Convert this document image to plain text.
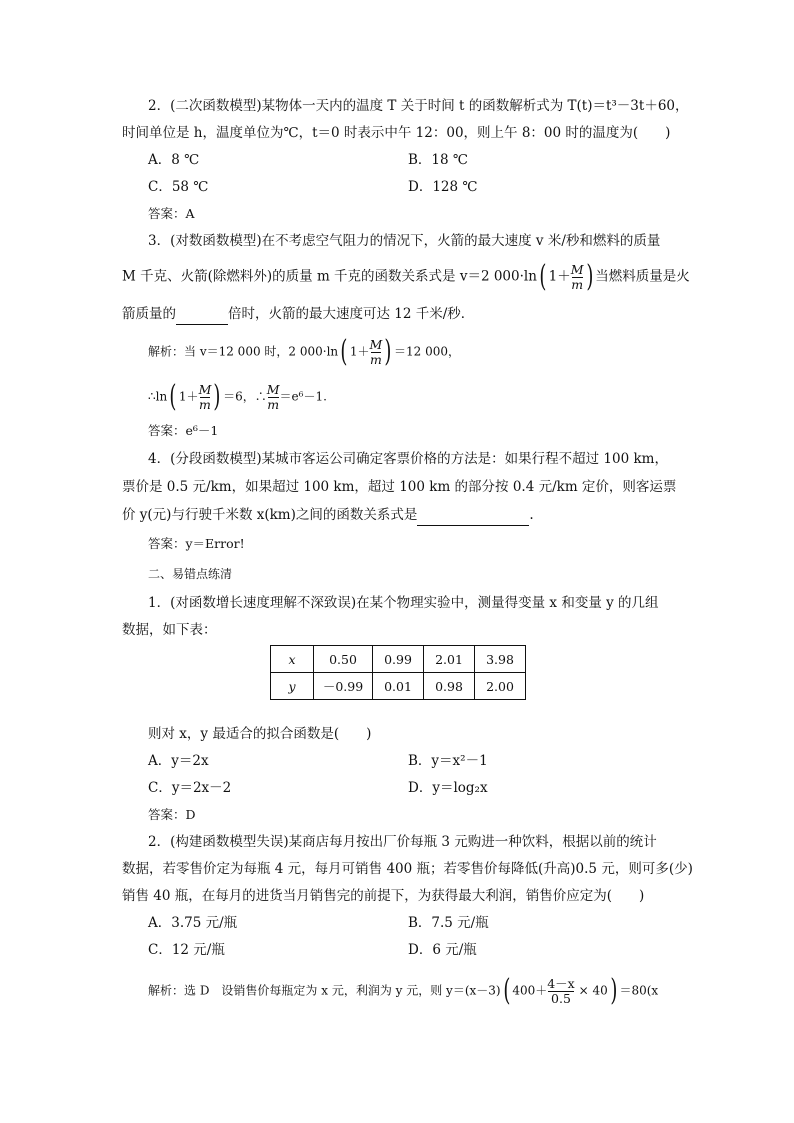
2．(二次函数模型)某物体一天内的温度 T 关于时间 t 的函数解析式为 T(t)＝t³－3t＋60，
时间单位是 h，温度单位为℃，t＝0 时表示中午 12：00，则上午 8：00 时的温度为(　　)
A．8 ℃	B．18 ℃
C．58 ℃	D．128 ℃
答案：A
3．(对数函数模型)在不考虑空气阻力的情况下，火箭的最大速度 v 米/秒和燃料的质量
M 千克、火箭(除燃料外)的质量 m 千克的函数关系式是 v＝2 000·ln( $1+ \frac{M}{m}$ ) 当燃料质量是火
箭质量的	倍时，火箭的最大速度可达 12 千米/秒．
解析：当 v＝12 000 时，2 000·ln( $1+ \frac{M}{m}$ ) ＝12 000，
∴ln( $1+ \frac{M}{m}$ ) ＝6，∴ $\frac{M}{m} =e^6-1$.
答案：e⁶－1
4．(分段函数模型)某城市客运公司确定客票价格的方法是：如果行程不超过 100 km，
票价是 0.5 元/km，如果超过 100 km，超过 100 km 的部分按 0.4 元/km 定价，则客运票
价 y(元)与行驶千米数 x(km)之间的函数关系式是	.
答案：y＝Error!
二、易错点练清
1．(对函数增长速度理解不深致误)在某个物理实验中，测量得变量 x 和变量 y 的几组
数据，如下表：
x	0.50	0.99	2.01	3.98
y	－0.99	0.01	0.98	2.00
则对 x，y 最适合的拟合函数是(　　)
A．y＝2x	B．y＝x²－1
C．y＝2x－2	D．y＝log₂x
答案：D
2．(构建函数模型失误)某商店每月按出厂价每瓶 3 元购进一种饮料，根据以前的统计
数据，若零售价定为每瓶 4 元，每月可销售 400 瓶；若零售价每降低(升高)0.5 元，则可多(少)
销售 40 瓶，在每月的进货当月销售完的前提下，为获得最大利润，销售价应定为(　　)
A．3.75 元/瓶	B．7.5 元/瓶
C．12 元/瓶	D．6 元/瓶
解析：选 D　设销售价每瓶定为 x 元，利润为 y 元，则 y＝(x－3)( $400+ \frac{4-x}{0.5} \times 40) =80(x$
